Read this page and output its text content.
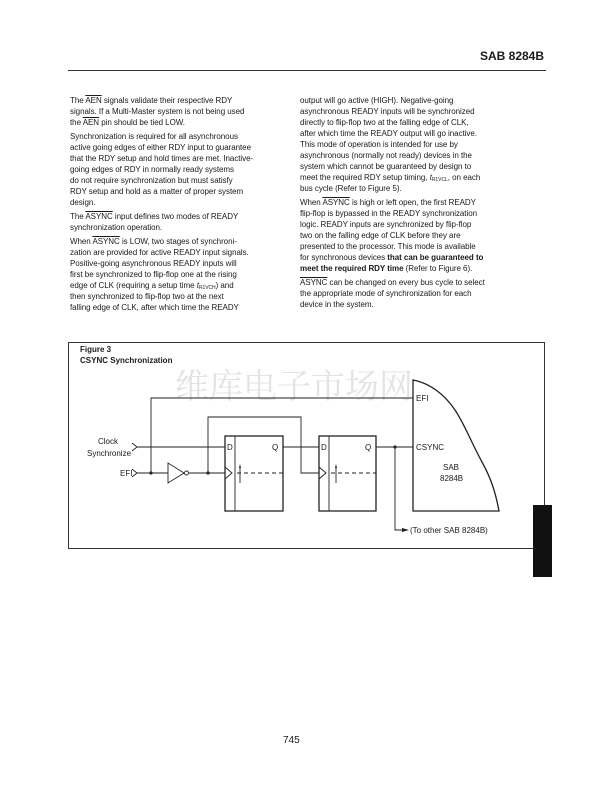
SAB 8284B
The $\overline{AEN}$ signals validate their respective RDY
signals. If a Multi-Master system is not being used
the $\overline{AEN}$ pin should be tied LOW.
Synchronization is required for all asynchronous
active going edges of either RDY input to guarantee
that the RDY setup and hold times are met. Inactive-
going edges of RDY in normally ready systems
do not require synchronization but must satisfy
RDY setup and hold as a matter of proper system
design.
The ASYNC input defines two modes of READY
synchronization operation.
When ASYNC is LOW, two stages of synchroni-
zation are provided for active READY input signals.
Positive-going asynchronous READY inputs will
first be synchronized to flip-flop one at the rising
edge of CLK (requiring a setup time $t_{R1VCH}$) and
then synchronized to flip-flop two at the next
falling edge of CLK, after which time the READY
output will go active (HIGH). Negative-going
asynchronous READY inputs will be synchronized
directly to flip-flop two at the falling edge of CLK,
after which time the READY output will go inactive.
This mode of operation is intended for use by
asynchronous (normally not ready) devices in the
system which cannot be guaranteed by design to
meet the required RDY setup timing, $t_{R1VCL}$, on each
bus cycle (Refer to Figure 5).
When ASYNC is high or left open, the first READY
flip-flop is bypassed in the READY synchronization
logic. READY inputs are synchronized by flip-flop
two on the falling edge of CLK before they are
presented to the processor. This mode is available
for synchronous devices that can be guaranteed to
meet the required RDY time (Refer to Figure 6).
ASYNC can be changed on every bus cycle to select
the appropriate mode of synchronization for each
device in the system.
Figure 3
CSYNC Synchronization
维库电子市场网
Clock
Synchronize
EFI
D	Q	D	Q
EFI
CSYNC
SAB
8284B
(To other SAB 8284B)
745
